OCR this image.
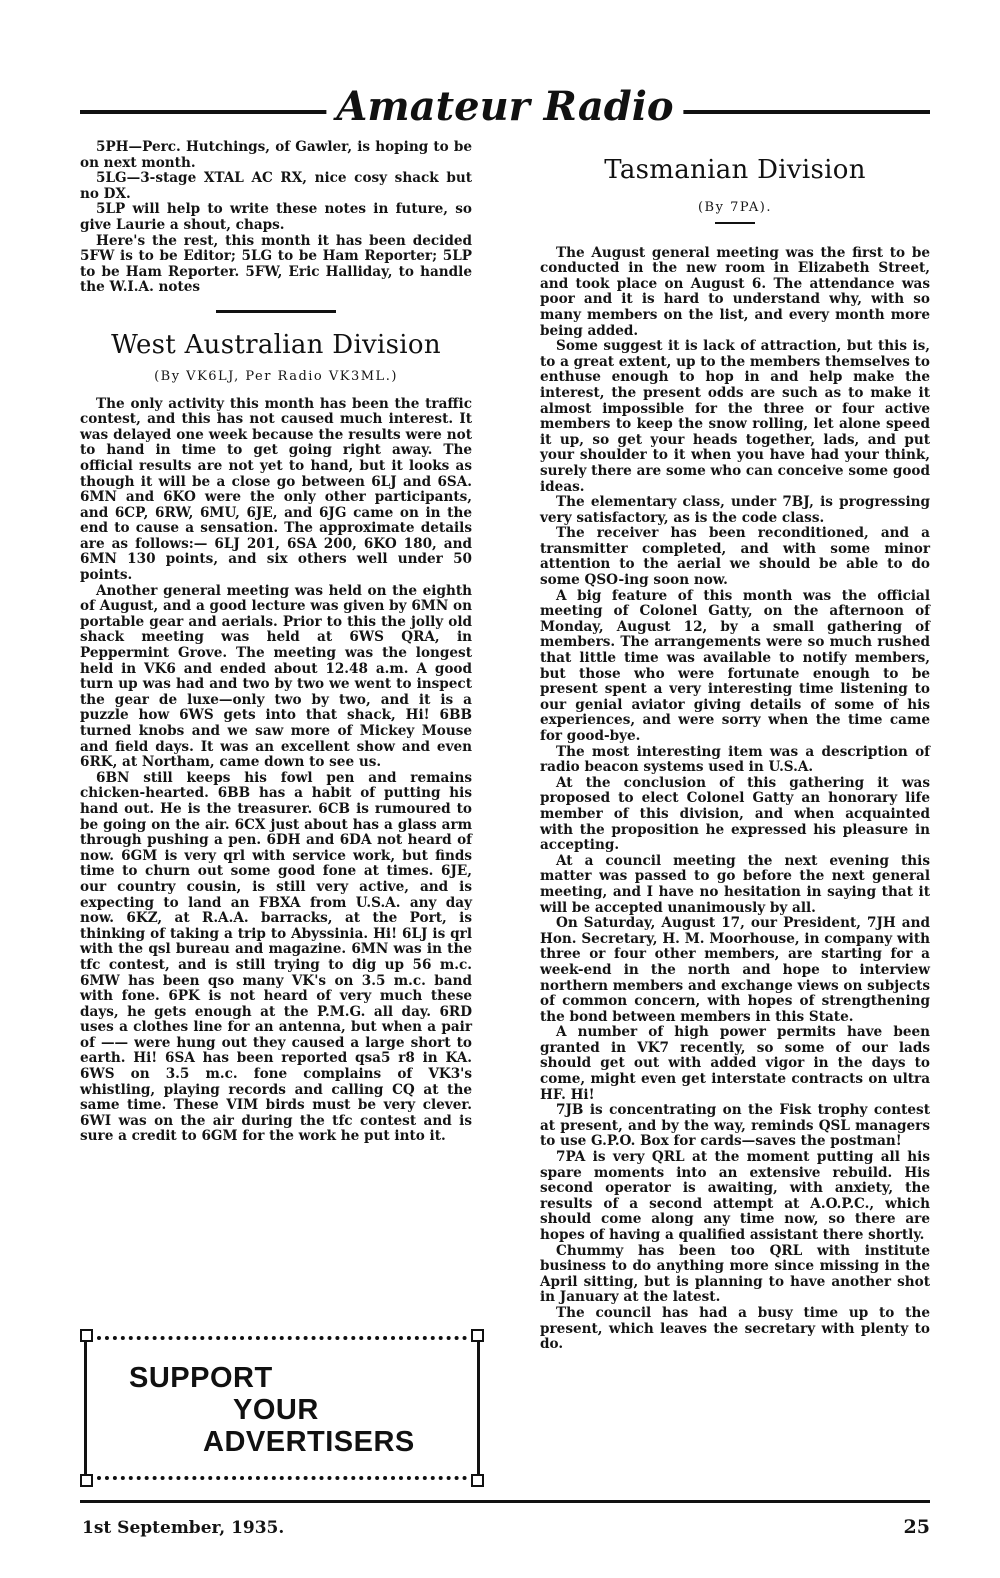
Amateur Radio

5PH—Perc. Hutchings, of Gawler, is hoping to be on next month.

5LG—3-stage XTAL AC RX, nice cosy shack but no DX.

5LP will help to write these notes in future, so give Laurie a shout, chaps.

Here's the rest, this month it has been decided 5FW is to be Editor; 5LG to be Ham Reporter; 5LP to be Ham Reporter. 5FW, Eric Halliday, to handle the W.I.A. notes

West Australian Division
(By VK6LJ, Per Radio VK3ML.)

The only activity this month has been the traffic contest, and this has not caused much interest. It was delayed one week because the results were not to hand in time to get going right away. The official results are not yet to hand, but it looks as though it will be a close go between 6LJ and 6SA. 6MN and 6KO were the only other participants, and 6CP, 6RW, 6MU, 6JE, and 6JG came on in the end to cause a sensation. The approximate details are as follows:— 6LJ 201, 6SA 200, 6KO 180, and 6MN 130 points, and six others well under 50 points.

Another general meeting was held on the eighth of August, and a good lecture was given by 6MN on portable gear and aerials. Prior to this the jolly old shack meeting was held at 6WS QRA, in Peppermint Grove. The meeting was the longest held in VK6 and ended about 12.48 a.m. A good turn up was had and two by two we went to inspect the gear de luxe—only two by two, and it is a puzzle how 6WS gets into that shack, Hi! 6BB turned knobs and we saw more of Mickey Mouse and field days. It was an excellent show and even 6RK, at Northam, came down to see us.

6BN still keeps his fowl pen and remains chicken-hearted. 6BB has a habit of putting his hand out. He is the treasurer. 6CB is rumoured to be going on the air. 6CX just about has a glass arm through pushing a pen. 6DH and 6DA not heard of now. 6GM is very qrl with service work, but finds time to churn out some good fone at times. 6JE, our country cousin, is still very active, and is expecting to land an FBXA from U.S.A. any day now. 6KZ, at R.A.A. barracks, at the Port, is thinking of taking a trip to Abyssinia. Hi! 6LJ is qrl with the qsl bureau and magazine. 6MN was in the tfc contest, and is still trying to dig up 56 m.c. 6MW has been qso many VK's on 3.5 m.c. band with fone. 6PK is not heard of very much these days, he gets enough at the P.M.G. all day. 6RD uses a clothes line for an antenna, but when a pair of —— were hung out they caused a large short to earth. Hi! 6SA has been reported qsa5 r8 in KA. 6WS on 3.5 m.c. fone complains of VK3's whistling, playing records and calling CQ at the same time. These VIM birds must be very clever. 6WI was on the air during the tfc contest and is sure a credit to 6GM for the work he put into it.

SUPPORT
YOUR
ADVERTISERS
Tasmanian Division
(By 7PA).

The August general meeting was the first to be conducted in the new room in Elizabeth Street, and took place on August 6. The attendance was poor and it is hard to understand why, with so many members on the list, and every month more being added.

Some suggest it is lack of attraction, but this is, to a great extent, up to the members themselves to enthuse enough to hop in and help make the interest, the present odds are such as to make it almost impossible for the three or four active members to keep the snow rolling, let alone speed it up, so get your heads together, lads, and put your shoulder to it when you have had your think, surely there are some who can conceive some good ideas.

The elementary class, under 7BJ, is progressing very satisfactory, as is the code class.

The receiver has been reconditioned, and a transmitter completed, and with some minor attention to the aerial we should be able to do some QSO-ing soon now.

A big feature of this month was the official meeting of Colonel Gatty, on the afternoon of Monday, August 12, by a small gathering of members. The arrangements were so much rushed that little time was available to notify members, but those who were fortunate enough to be present spent a very interesting time listening to our genial aviator giving details of some of his experiences, and were sorry when the time came for good-bye.

The most interesting item was a description of radio beacon systems used in U.S.A.

At the conclusion of this gathering it was proposed to elect Colonel Gatty an honorary life member of this division, and when acquainted with the proposition he expressed his pleasure in accepting.

At a council meeting the next evening this matter was passed to go before the next general meeting, and I have no hesitation in saying that it will be accepted unanimously by all.

On Saturday, August 17, our President, 7JH and Hon. Secretary, H. M. Moorhouse, in company with three or four other members, are starting for a week-end in the north and hope to interview northern members and exchange views on subjects of common concern, with hopes of strengthening the bond between members in this State.

A number of high power permits have been granted in VK7 recently, so some of our lads should get out with added vigor in the days to come, might even get interstate contracts on ultra HF. Hi!

7JB is concentrating on the Fisk trophy contest at present, and by the way, reminds QSL managers to use G.P.O. Box for cards—saves the postman!

7PA is very QRL at the moment putting all his spare moments into an extensive rebuild. His second operator is awaiting, with anxiety, the results of a second attempt at A.O.P.C., which should come along any time now, so there are hopes of having a qualified assistant there shortly.

Chummy has been too QRL with institute business to do anything more since missing in the April sitting, but is planning to have another shot in January at the latest.

The council has had a busy time up to the present, which leaves the secretary with plenty to do.

1st September, 1935.	25
